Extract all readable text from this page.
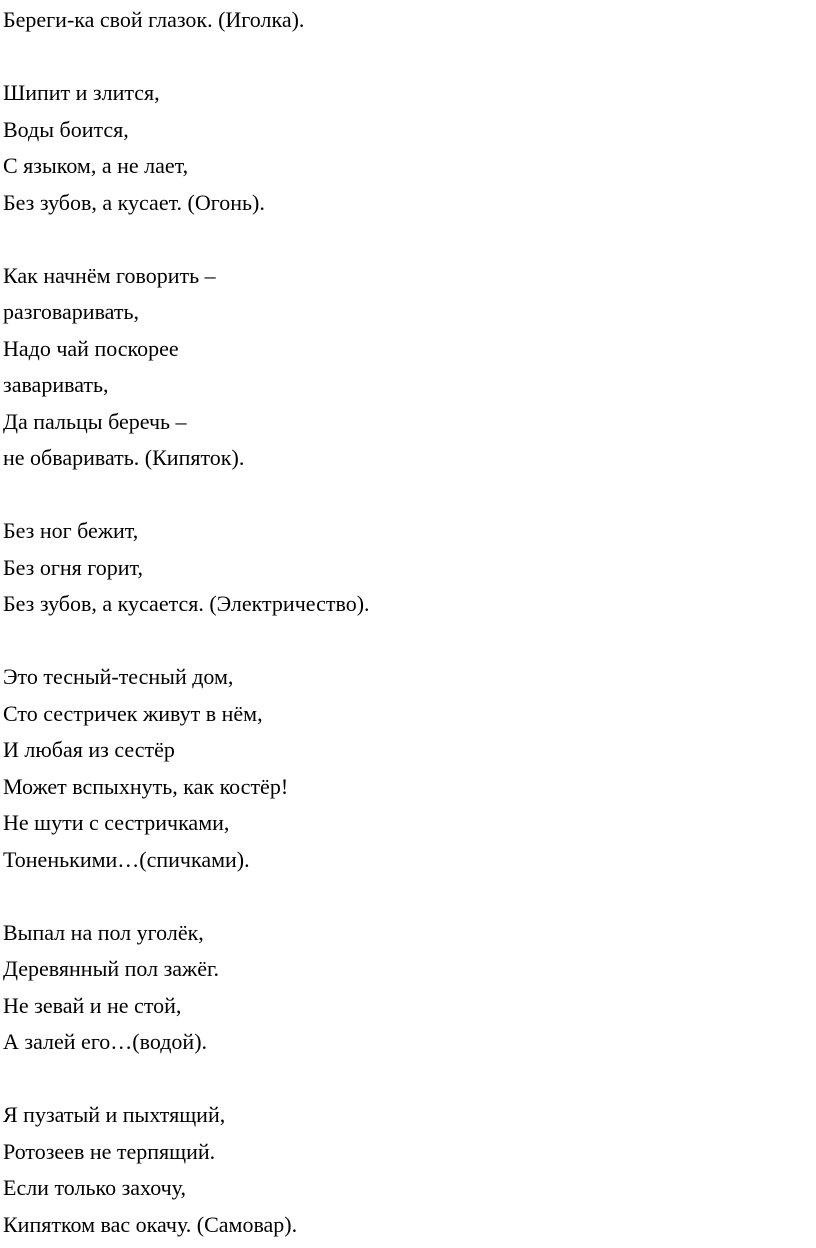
Береги-ка свой глазок. (Иголка).
Шипит и злится,
Воды боится,
С языком, а не лает,
Без зубов, а кусает. (Огонь).
Как начнём говорить –
разговаривать,
Надо чай поскорее
заваривать,
Да пальцы беречь –
не обваривать. (Кипяток).
Без ног бежит,
Без огня горит,
Без зубов, а кусается. (Электричество).
Это тесный-тесный дом,
Сто сестричек живут в нём,
И любая из сестёр
Может вспыхнуть, как костёр!
Не шути с сестричками,
Тоненькими…(спичками).
Выпал на пол уголёк,
Деревянный пол зажёг.
Не зевай и не стой,
А залей его…(водой).
Я пузатый и пыхтящий,
Ротозеев не терпящий.
Если только захочу,
Кипятком вас окачу. (Самовар).
